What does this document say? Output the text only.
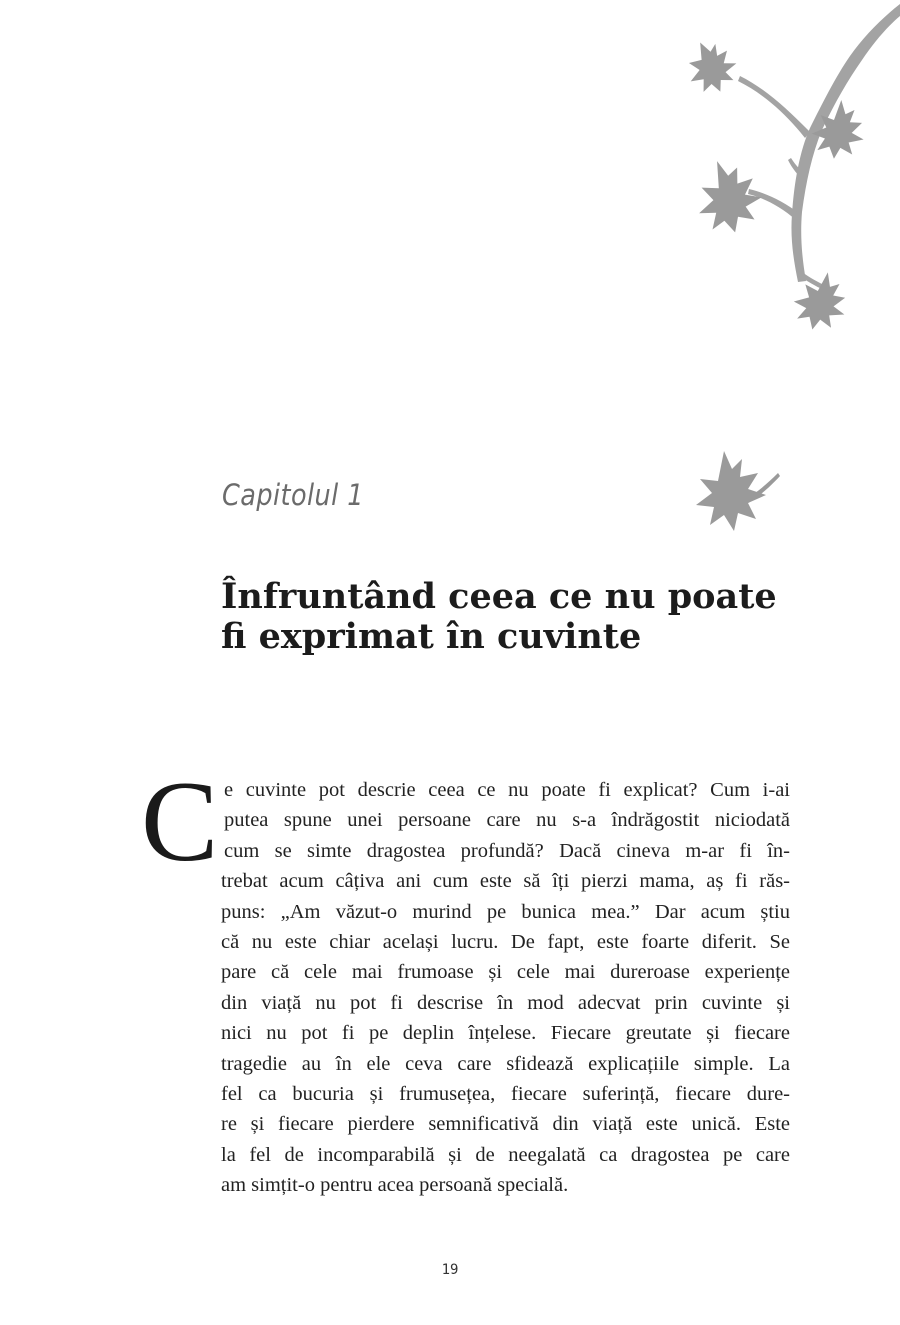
Capitolul 1
Înfruntând ceea ce nu poate
fi exprimat în cuvinte
C e cuvinte pot descrie ceea ce nu poate fi explicat? Cum i-ai
putea spune unei persoane care nu s-a îndrăgostit niciodată
cum se simte dragostea profundă? Dacă cineva m-ar fi în-
trebat acum câțiva ani cum este să îți pierzi mama, aș fi răs-
puns: „Am văzut-o murind pe bunica mea.” Dar acum știu
că nu este chiar același lucru. De fapt, este foarte diferit. Se
pare că cele mai frumoase și cele mai dureroase experiențe
din viață nu pot fi descrise în mod adecvat prin cuvinte și
nici nu pot fi pe deplin înțelese. Fiecare greutate și fiecare
tragedie au în ele ceva care sfidează explicațiile simple. La
fel ca bucuria și frumusețea, fiecare suferință, fiecare dure-
re și fiecare pierdere semnificativă din viață este unică. Este
la fel de incomparabilă și de neegalată ca dragostea pe care
am simțit-o pentru acea persoană specială.
19
